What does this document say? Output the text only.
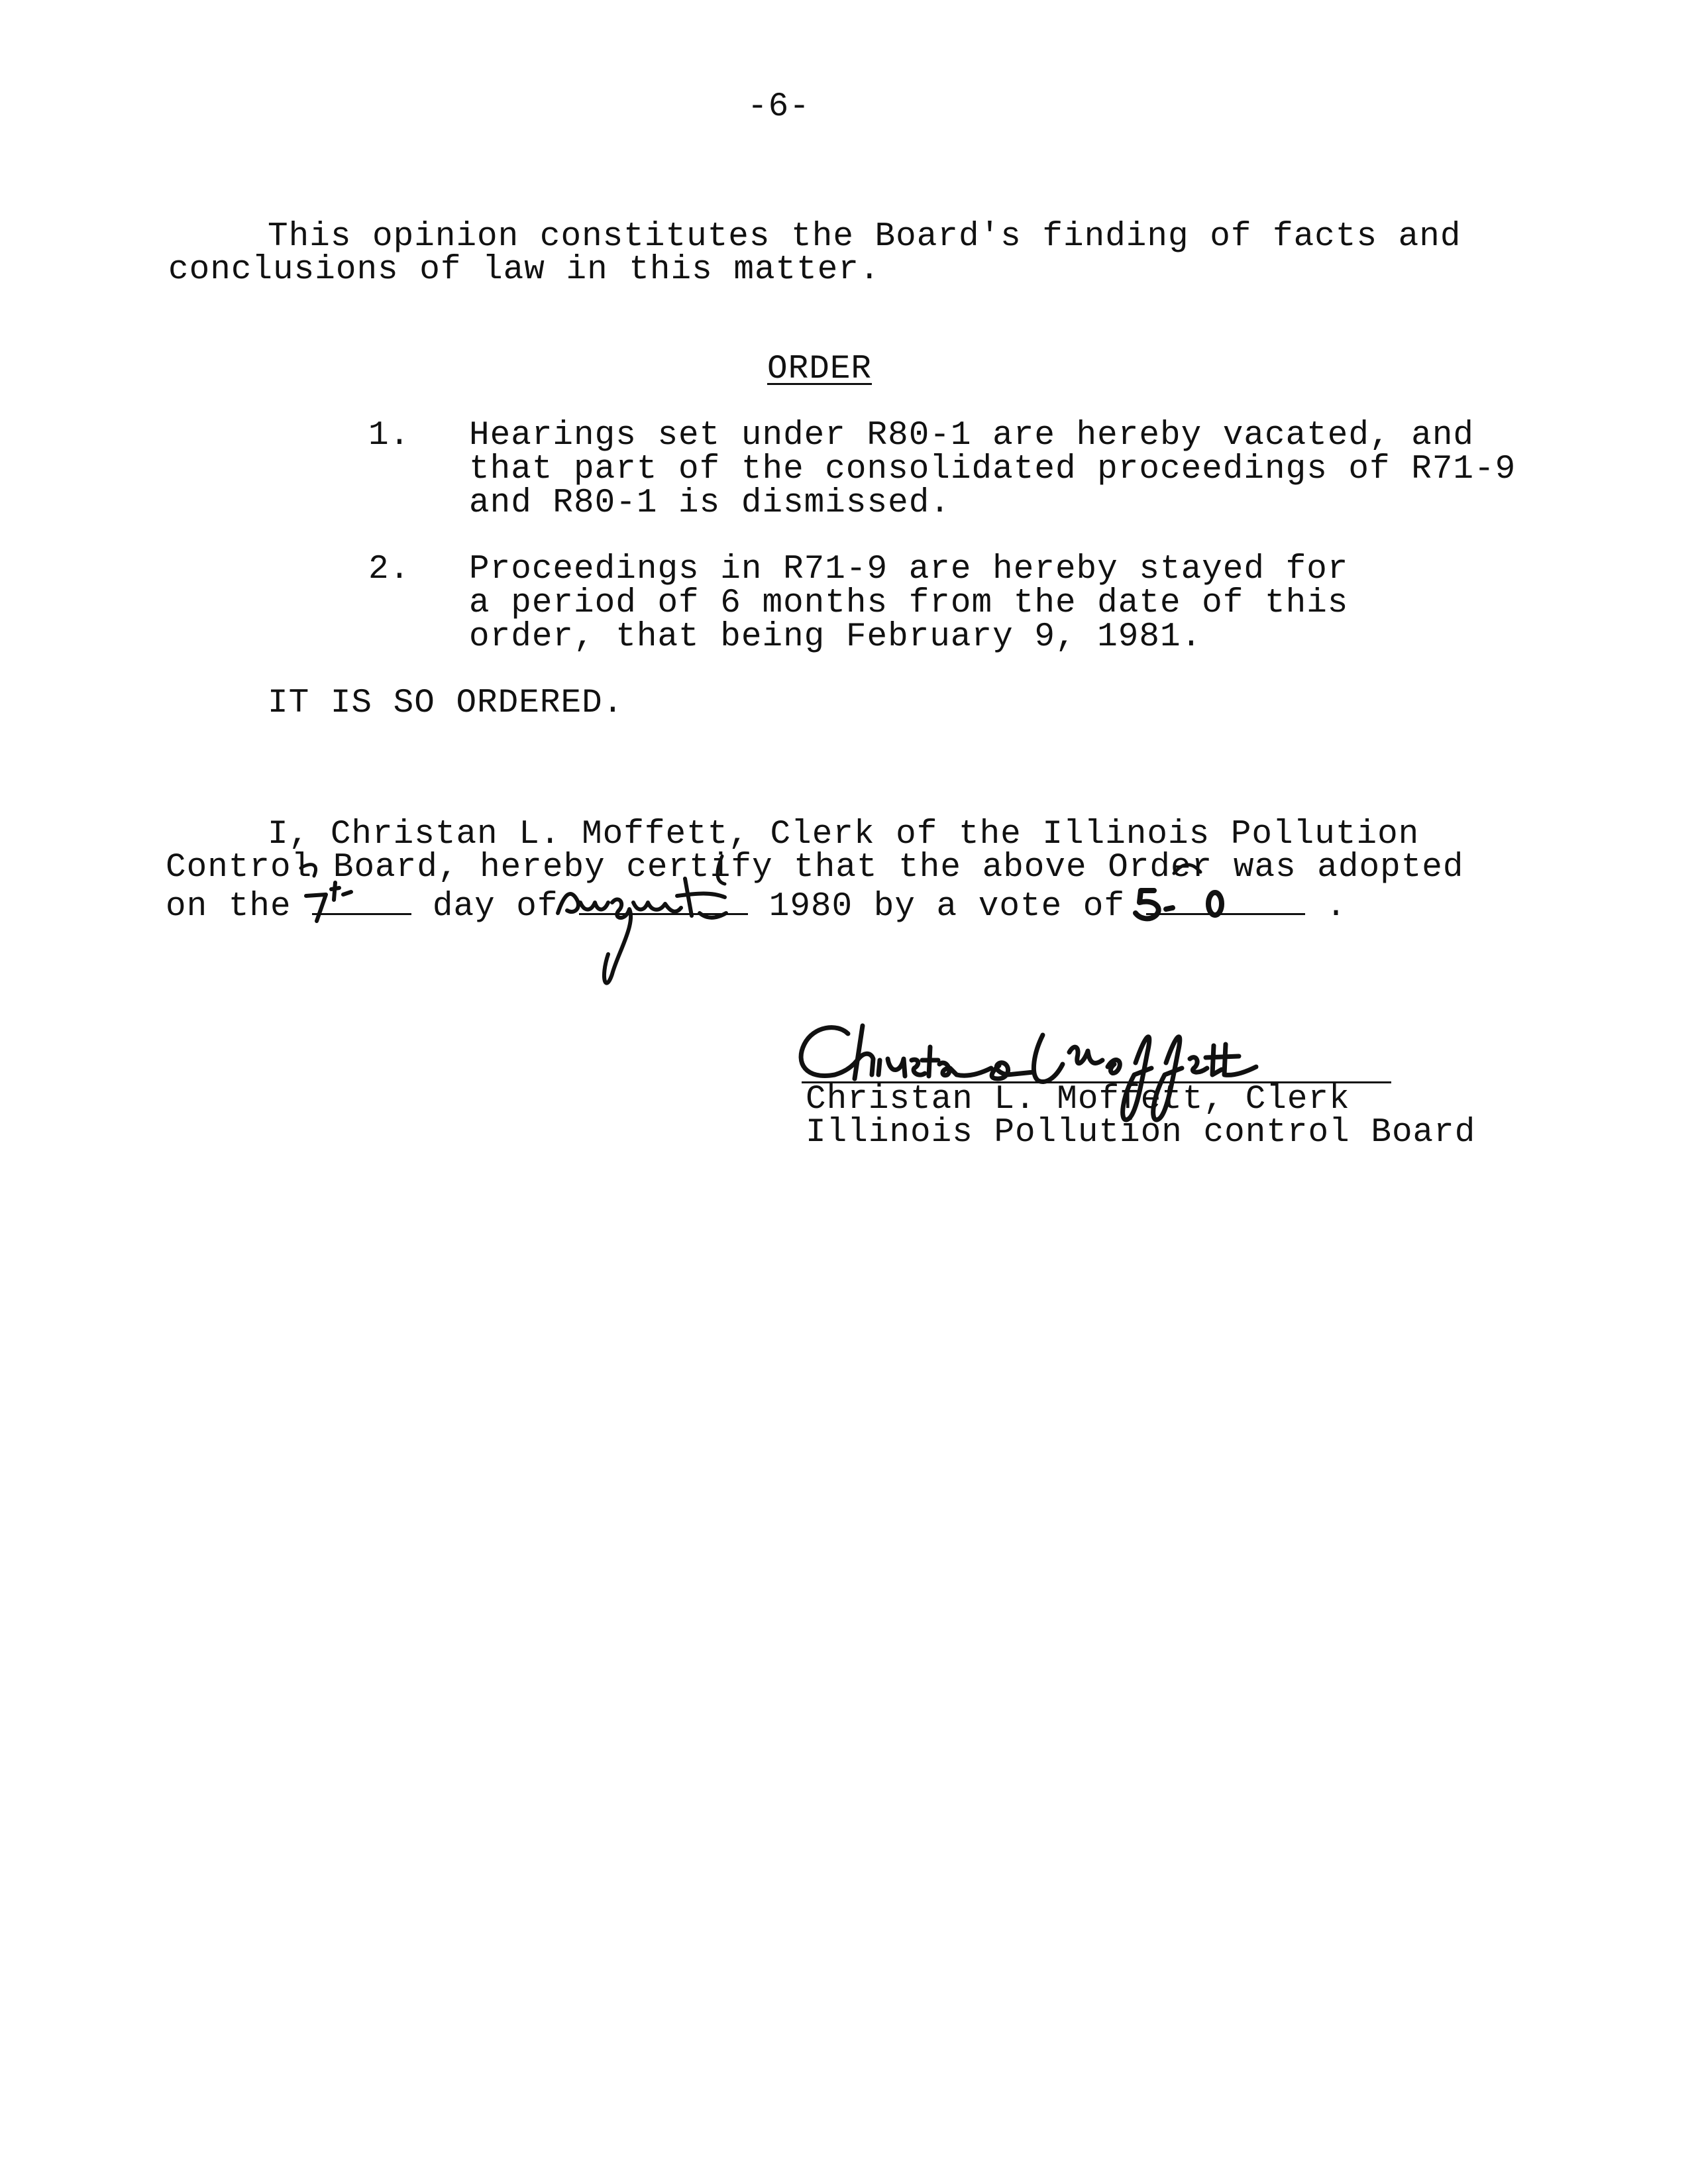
-6-
This opinion constitutes the Board's finding of facts and
conclusions of law in this matter.
ORDER
1. Hearings set under R80-1 are hereby vacated, and
that part of the consolidated proceedings of R71-9
and R80-1 is dismissed.
2. Proceedings in R71-9 are hereby stayed for
a period of 6 months from the date of this
order, that being February 9, 1981.
IT IS SO ORDERED.
I, Christan L. Moffett, Clerk of the Illinois Pollution
Control Board, hereby certify that the above Order was adopted
on the	day of	1980 by a vote of	.
Christan L. Moffett, Clerk
Illinois Pollution control Board
